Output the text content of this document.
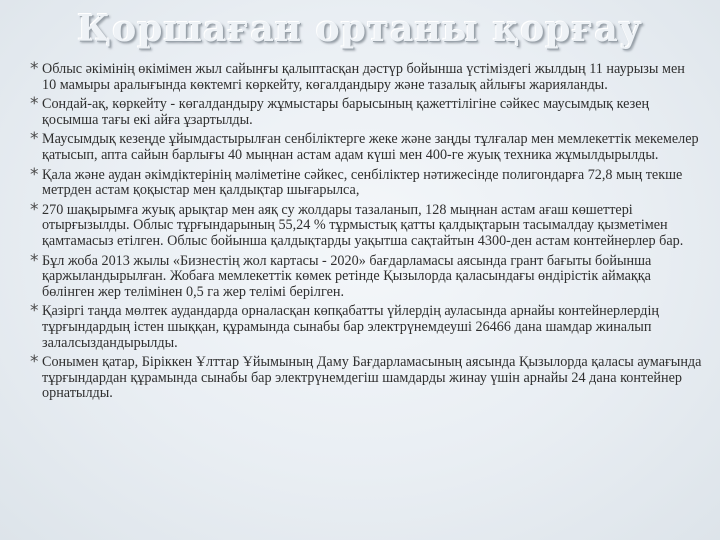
Қоршаған ортаны қорғау
* Облыс әкімінің өкімімен жыл сайынғы қалыптасқан дәстүр бойынша үстіміздегі жылдың 11 наурызы мен 10 мамыры аралығында көктемгі көркейту, көгалдандыру және тазалық айлығы жарияланды.
* Сондай-ақ, көркейту - көгалдандыру жұмыстары барысының қажеттілігіне сәйкес маусымдық кезең қосымша тағы екі айға ұзартылды.
* Маусымдық кезеңде ұйымдастырылған сенбіліктерге жеке және заңды тұлғалар мен мемлекеттік мекемелер қатысып, апта сайын барлығы 40 мыңнан астам адам күші мен 400-ге жуық техника жұмылдырылды.
* Қала және аудан әкімдіктерінің мәліметіне сәйкес, сенбіліктер нәтижесінде полигондарға 72,8 мың текше метрден астам қоқыстар мен қалдықтар шығарылса,
* 270 шақырымға жуық арықтар мен аяқ су жолдары тазаланып, 128 мыңнан астам ағаш көшеттері отырғызылды. Облыс тұрғындарының 55,24 % тұрмыстық қатты қалдықтарын тасымалдау қызметімен қамтамасыз етілген. Облыс бойынша қалдықтарды уақытша сақтайтын 4300-ден астам контейнерлер бар.
* Бұл жоба 2013 жылы «Бизнестің жол картасы - 2020» бағдарламасы аясында грант бағыты бойынша қаржыландырылған. Жобаға мемлекеттік көмек ретінде Қызылорда қаласындағы өндірістік аймаққа бөлінген жер телімінен 0,5 га жер телімі берілген.
* Қазіргі таңда мөлтек аудандарда орналасқан көпқабатты үйлердің ауласында арнайы контейнерлердің тұрғындардың істен шыққан, құрамында сынабы бар электрүнемдеуші 26466 дана шамдар жиналып залалсыздандырылды.
* Сонымен қатар, Біріккен Ұлттар Ұйымының Даму Бағдарламасының аясында Қызылорда қаласы аумағында тұрғындардан құрамында сынабы бар электрүнемдегіш шамдарды жинау үшін арнайы 24 дана контейнер орнатылды.
